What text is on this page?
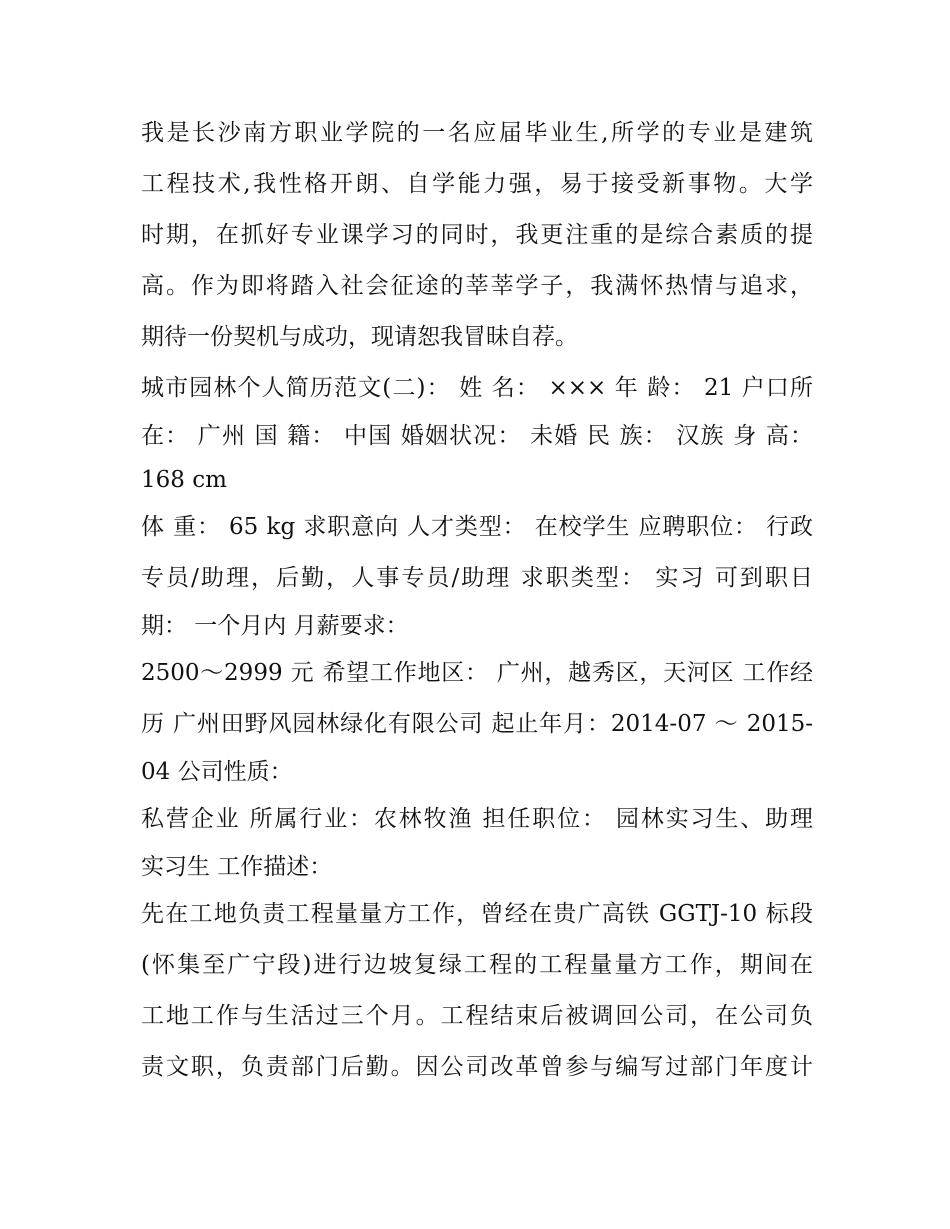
我是长沙南方职业学院的一名应届毕业生,所学的专业是建筑
工程技术,我性格开朗、自学能力强，易于接受新事物。大学
时期，在抓好专业课学习的同时，我更注重的是综合素质的提
高。作为即将踏入社会征途的莘莘学子，我满怀热情与追求，
期待一份契机与成功，现请恕我冒昧自荐。
城市园林个人简历范文(二)： 姓 名： ××× 年 龄： 21 户口所
在： 广州 国 籍： 中国 婚姻状况： 未婚 民 族： 汉族 身 高：
168 cm
体 重： 65 kg 求职意向 人才类型： 在校学生 应聘职位： 行政
专员/助理，后勤，人事专员/助理 求职类型： 实习 可到职日
期： 一个月内 月薪要求：
2500～2999 元 希望工作地区： 广州，越秀区，天河区 工作经
历 广州田野风园林绿化有限公司 起止年月：2014-07 ～ 2015-
04 公司性质：
私营企业 所属行业：农林牧渔 担任职位： 园林实习生、助理
实习生 工作描述：
先在工地负责工程量量方工作，曾经在贵广高铁 GGTJ-10 标段
(怀集至广宁段)进行边坡复绿工程的工程量量方工作，期间在
工地工作与生活过三个月。工程结束后被调回公司，在公司负
责文职，负责部门后勤。因公司改革曾参与编写过部门年度计
